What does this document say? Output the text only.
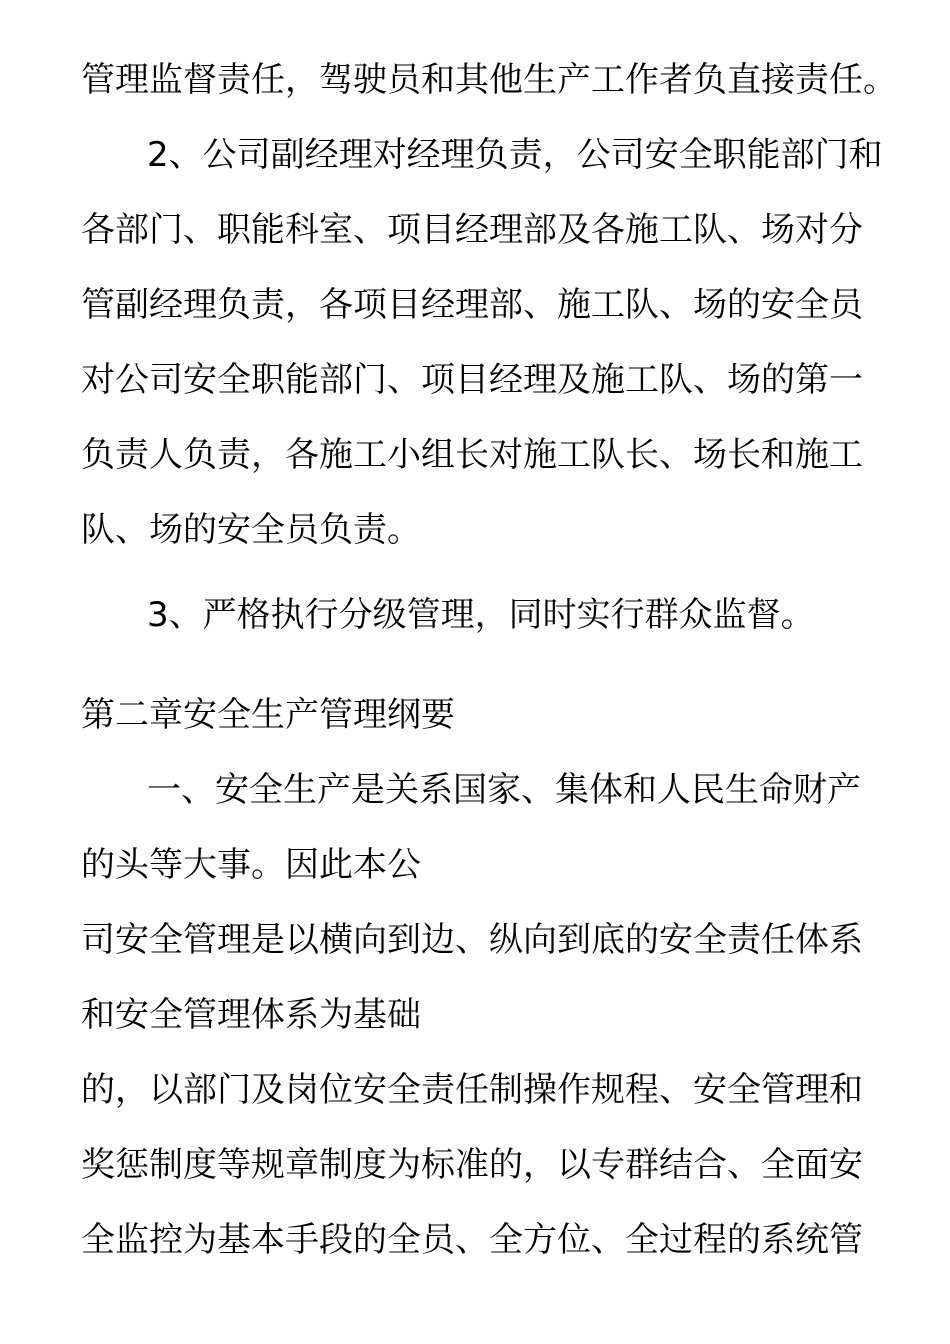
管理监督责任，驾驶员和其他生产工作者负直接责任。
2、公司副经理对经理负责，公司安全职能部门和
各部门、职能科室、项目经理部及各施工队、场对分
管副经理负责，各项目经理部、施工队、场的安全员
对公司安全职能部门、项目经理及施工队、场的第一
负责人负责，各施工小组长对施工队长、场长和施工
队、场的安全员负责。
3、严格执行分级管理，同时实行群众监督。
第二章安全生产管理纲要
一、安全生产是关系国家、集体和人民生命财产
的头等大事。因此本公
司安全管理是以横向到边、纵向到底的安全责任体系
和安全管理体系为基础
的，以部门及岗位安全责任制操作规程、安全管理和
奖惩制度等规章制度为标准的，以专群结合、全面安
全监控为基本手段的全员、全方位、全过程的系统管
